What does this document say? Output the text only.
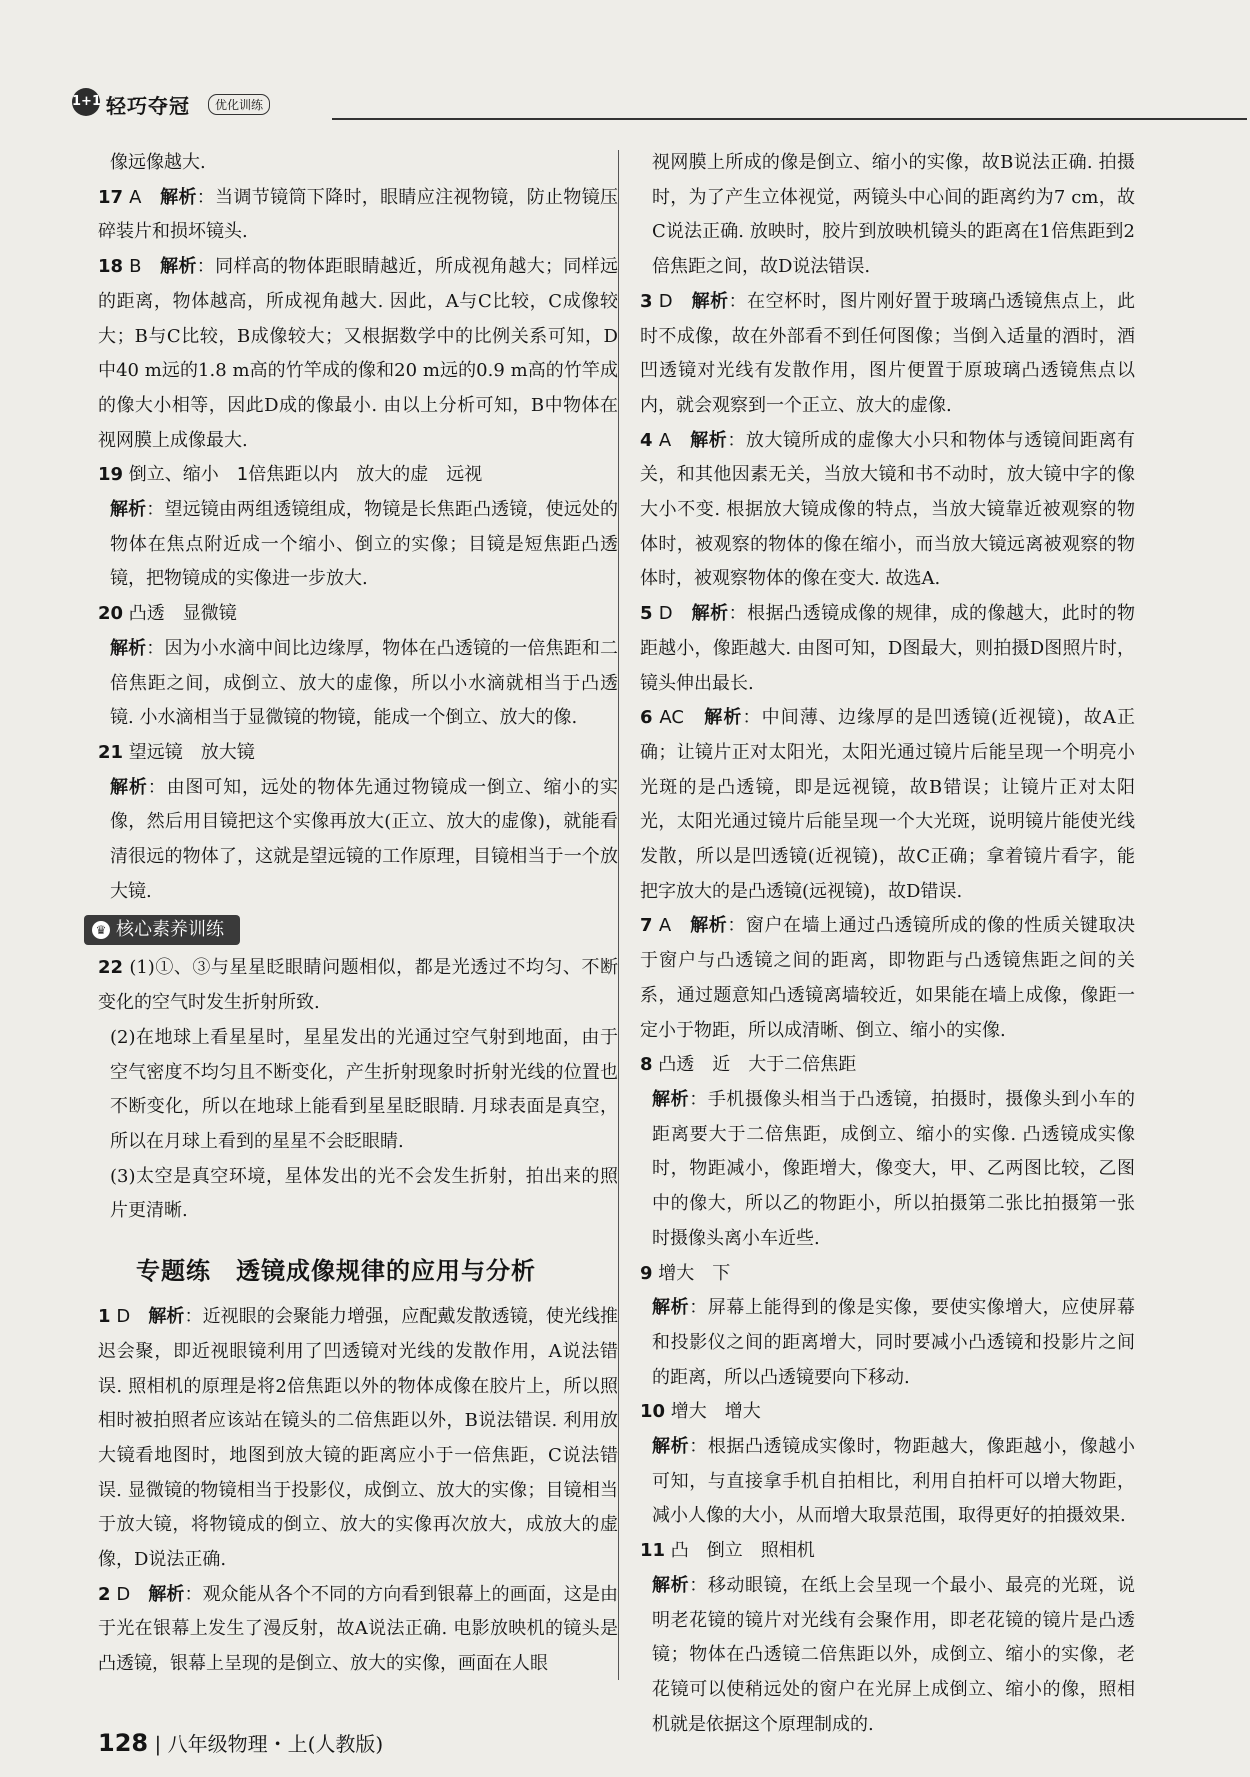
1+1 轻巧夺冠	优化训练

像远像越大.

17 A　 解析：当调节镜筒下降时，眼睛应注视物镜，防止物镜压碎装片和损坏镜头.

18 B　 解析：同样高的物体距眼睛越近，所成视角越大；同样远的距离，物体越高，所成视角越大. 因此，A与C比较，C成像较大；B与C比较，B成像较大；又根据数学中的比例关系可知，D中40 m远的1.8 m高的竹竿成的像和20 m远的0.9 m高的竹竿成的像大小相等，因此D成的像最小. 由以上分析可知，B中物体在视网膜上成像最大.

19 倒立、缩小　1倍焦距以内　放大的虚　远视　

解析：望远镜由两组透镜组成，物镜是长焦距凸透镜，使远处的物体在焦点附近成一个缩小、倒立的实像；目镜是短焦距凸透镜，把物镜成的实像进一步放大.

20 凸透　显微镜　

解析：因为小水滴中间比边缘厚，物体在凸透镜的一倍焦距和二倍焦距之间，成倒立、放大的虚像，所以小水滴就相当于凸透镜. 小水滴相当于显微镜的物镜，能成一个倒立、放大的像.

21 望远镜　放大镜　

解析：由图可知，远处的物体先通过物镜成一倒立、缩小的实像，然后用目镜把这个实像再放大(正立、放大的虚像)，就能看清很远的物体了，这就是望远镜的工作原理，目镜相当于一个放大镜.

♛ 核心素养训练

22 (1)①、③与星星眨眼睛问题相似，都是光透过不均匀、不断变化的空气时发生折射所致.

(2)在地球上看星星时，星星发出的光通过空气射到地面，由于空气密度不均匀且不断变化，产生折射现象时折射光线的位置也不断变化，所以在地球上能看到星星眨眼睛. 月球表面是真空，所以在月球上看到的星星不会眨眼睛.

(3)太空是真空环境，星体发出的光不会发生折射，拍出来的照片更清晰.

专题练　透镜成像规律的应用与分析

1 D　 解析：近视眼的会聚能力增强，应配戴发散透镜，使光线推迟会聚，即近视眼镜利用了凹透镜对光线的发散作用，A说法错误. 照相机的原理是将2倍焦距以外的物体成像在胶片上，所以照相时被拍照者应该站在镜头的二倍焦距以外，B说法错误. 利用放大镜看地图时，地图到放大镜的距离应小于一倍焦距，C说法错误. 显微镜的物镜相当于投影仪，成倒立、放大的实像；目镜相当于放大镜，将物镜成的倒立、放大的实像再次放大，成放大的虚像，D说法正确.

2 D　 解析：观众能从各个不同的方向看到银幕上的画面，这是由于光在银幕上发生了漫反射，故A说法正确. 电影放映机的镜头是凸透镜，银幕上呈现的是倒立、放大的实像，画面在人眼

视网膜上所成的像是倒立、缩小的实像，故B说法正确. 拍摄时，为了产生立体视觉，两镜头中心间的距离约为7 cm，故C说法正确. 放映时，胶片到放映机镜头的距离在1倍焦距到2倍焦距之间，故D说法错误.

3 D　 解析：在空杯时，图片刚好置于玻璃凸透镜焦点上，此时不成像，故在外部看不到任何图像；当倒入适量的酒时，酒凹透镜对光线有发散作用，图片便置于原玻璃凸透镜焦点以内，就会观察到一个正立、放大的虚像.

4 A　 解析：放大镜所成的虚像大小只和物体与透镜间距离有关，和其他因素无关，当放大镜和书不动时，放大镜中字的像大小不变. 根据放大镜成像的特点，当放大镜靠近被观察的物体时，被观察的物体的像在缩小，而当放大镜远离被观察的物体时，被观察物体的像在变大. 故选A.

5 D　 解析：根据凸透镜成像的规律，成的像越大，此时的物距越小，像距越大. 由图可知，D图最大，则拍摄D图照片时，镜头伸出最长.

6 AC　 解析：中间薄、边缘厚的是凹透镜(近视镜)，故A正确；让镜片正对太阳光，太阳光通过镜片后能呈现一个明亮小光斑的是凸透镜，即是远视镜，故B错误；让镜片正对太阳光，太阳光通过镜片后能呈现一个大光斑，说明镜片能使光线发散，所以是凹透镜(近视镜)，故C正确；拿着镜片看字，能把字放大的是凸透镜(远视镜)，故D错误.

7 A　 解析：窗户在墙上通过凸透镜所成的像的性质关键取决于窗户与凸透镜之间的距离，即物距与凸透镜焦距之间的关系，通过题意知凸透镜离墙较近，如果能在墙上成像，像距一定小于物距，所以成清晰、倒立、缩小的实像.

8 凸透　近　大于二倍焦距　

解析：手机摄像头相当于凸透镜，拍摄时，摄像头到小车的距离要大于二倍焦距，成倒立、缩小的实像. 凸透镜成实像时，物距减小，像距增大，像变大，甲、乙两图比较，乙图中的像大，所以乙的物距小，所以拍摄第二张比拍摄第一张时摄像头离小车近些.

9 增大　下　

解析：屏幕上能得到的像是实像，要使实像增大，应使屏幕和投影仪之间的距离增大，同时要减小凸透镜和投影片之间的距离，所以凸透镜要向下移动.

10 增大　增大　

解析：根据凸透镜成实像时，物距越大，像距越小，像越小可知，与直接拿手机自拍相比，利用自拍杆可以增大物距，减小人像的大小，从而增大取景范围，取得更好的拍摄效果.

11 凸　倒立　照相机　

解析：移动眼镜，在纸上会呈现一个最小、最亮的光斑，说明老花镜的镜片对光线有会聚作用，即老花镜的镜片是凸透镜；物体在凸透镜二倍焦距以外，成倒立、缩小的实像，老花镜可以使稍远处的窗户在光屏上成倒立、缩小的像，照相机就是依据这个原理制成的.

128 | 八年级物理・上(人教版)
